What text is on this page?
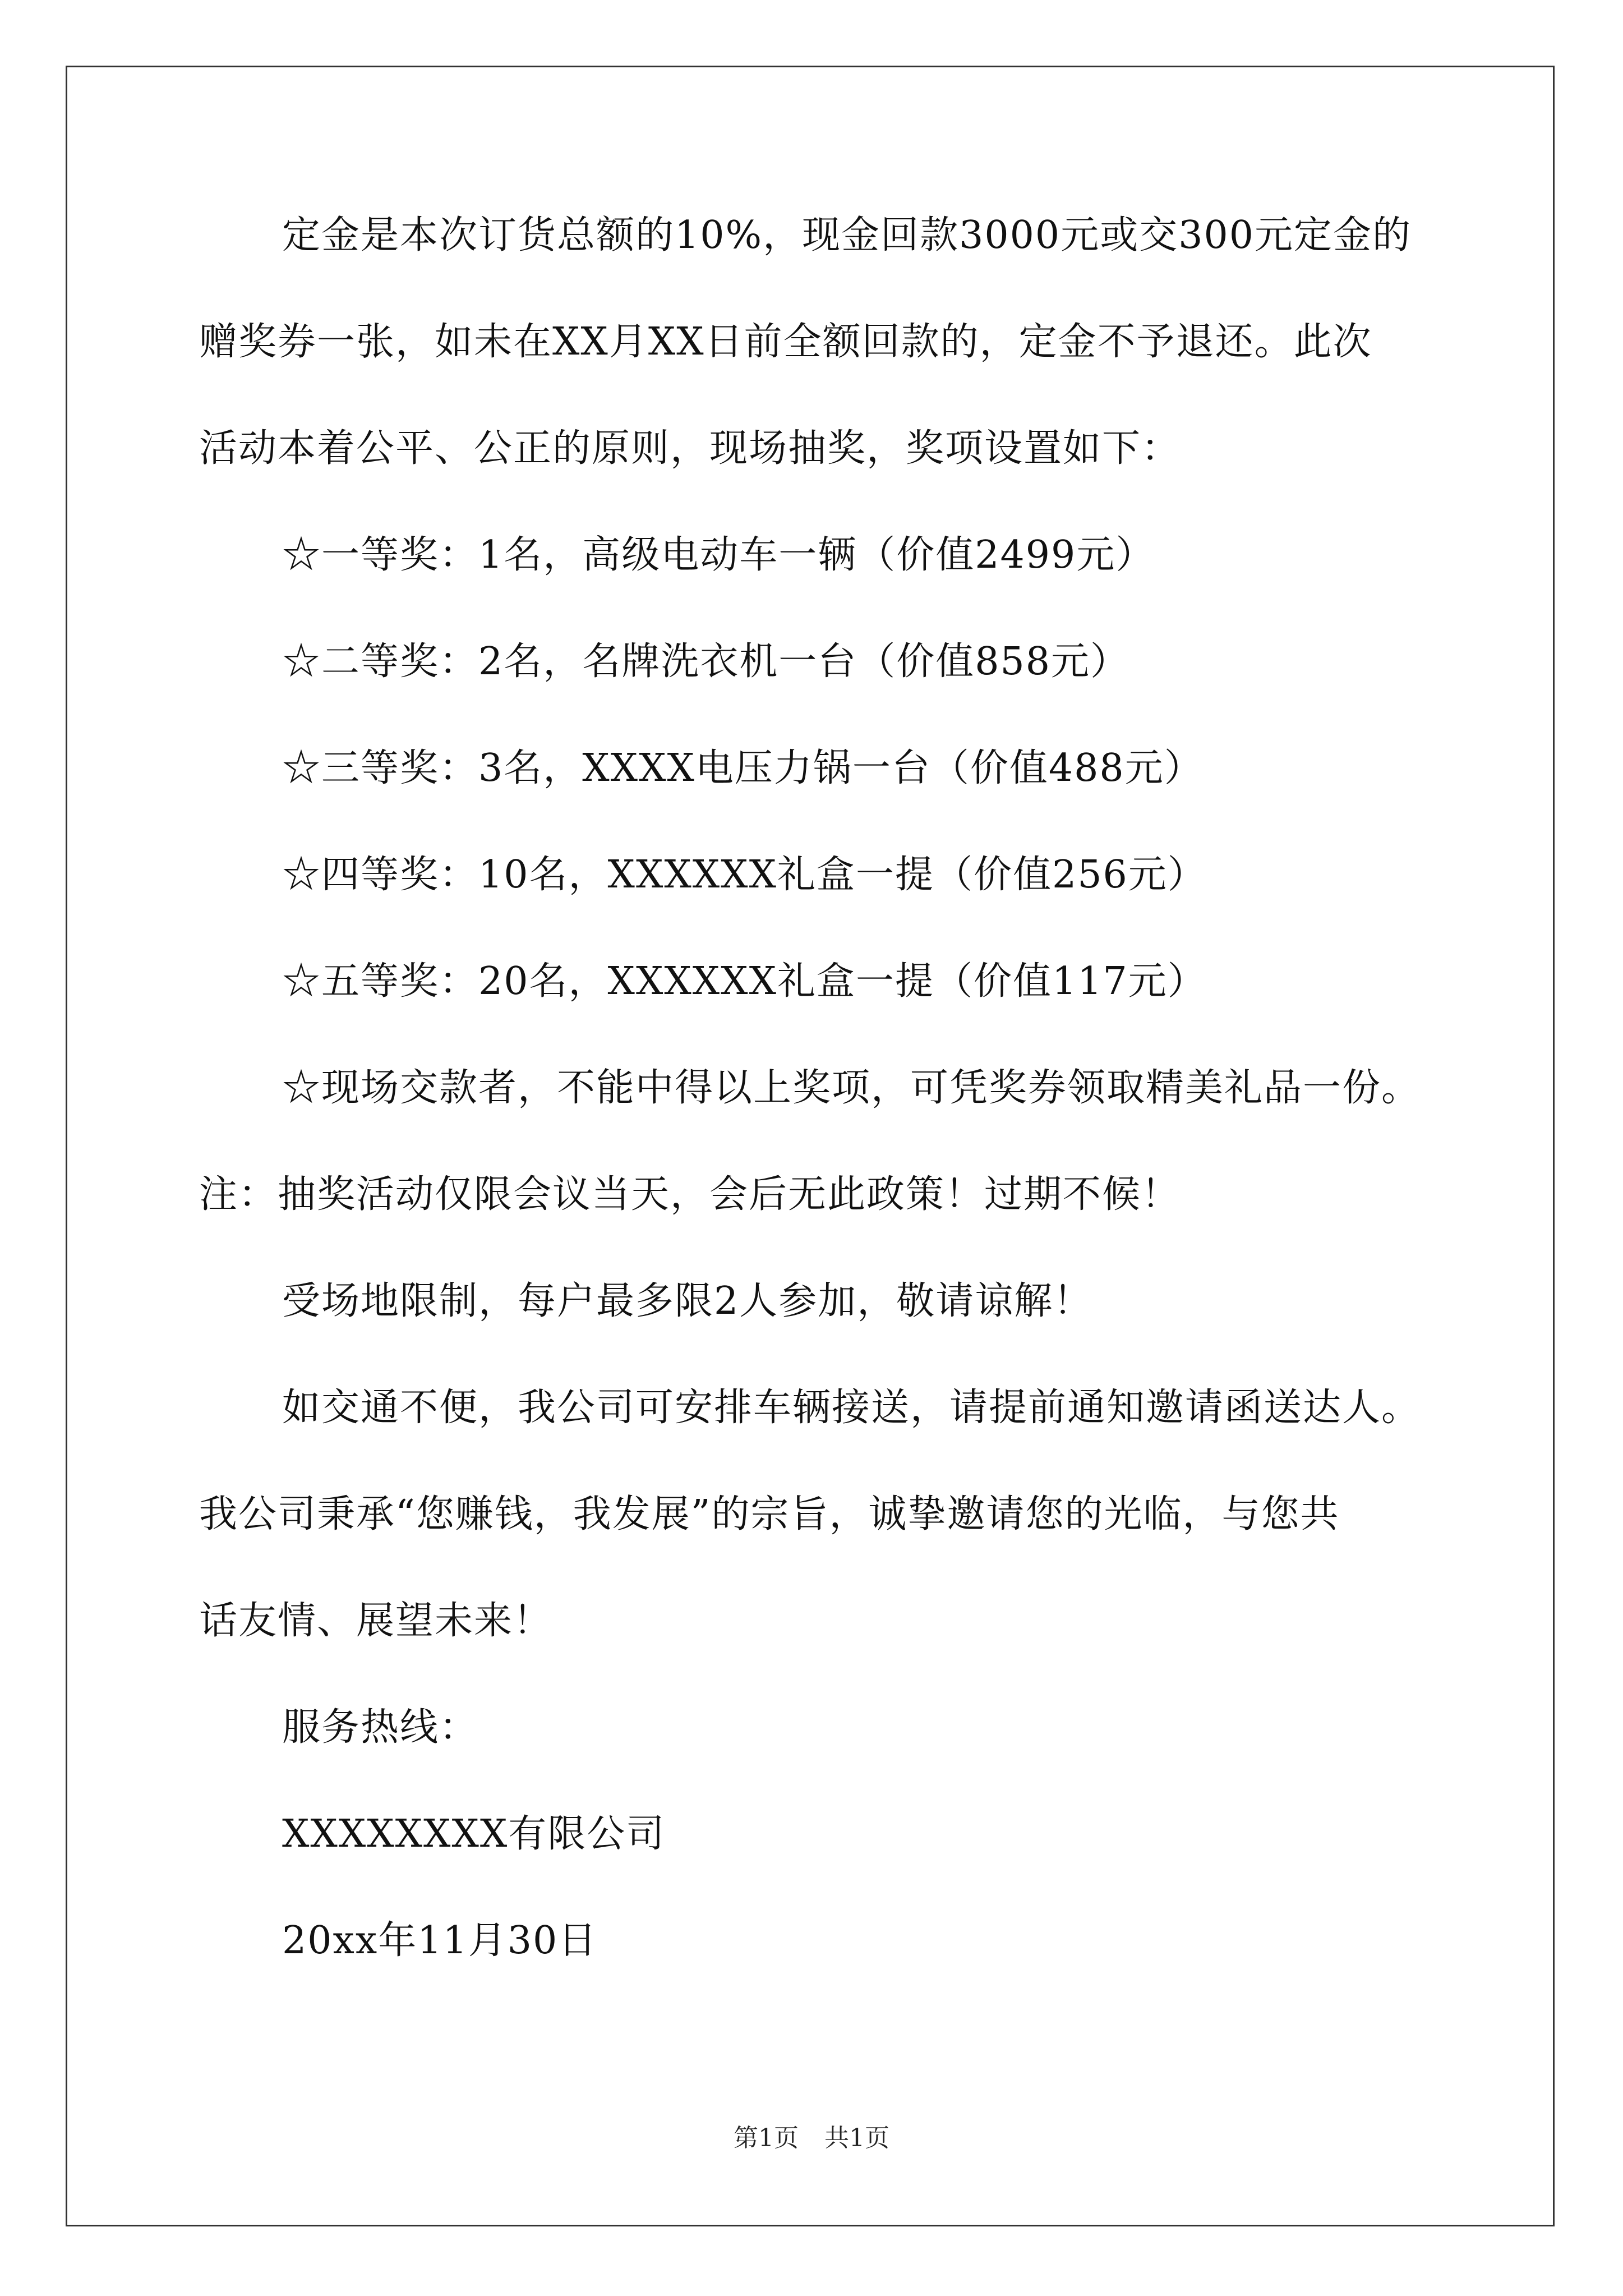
定金是本次订货总额的10%，现金回款3000元或交300元定金的
赠奖券一张，如未在XX月XX日前全额回款的，定金不予退还。此次
活动本着公平、公正的原则，现场抽奖，奖项设置如下：
☆一等奖：1名，高级电动车一辆（价值2499元）
☆二等奖：2名，名牌洗衣机一台（价值858元）
☆三等奖：3名，XXXX电压力锅一台（价值488元）
☆四等奖：10名，XXXXXX礼盒一提（价值256元）
☆五等奖：20名，XXXXXX礼盒一提（价值117元）
☆现场交款者，不能中得以上奖项，可凭奖券领取精美礼品一份。
注：抽奖活动仅限会议当天，会后无此政策！过期不候！
受场地限制，每户最多限2人参加，敬请谅解！
如交通不便，我公司可安排车辆接送，请提前通知邀请函送达人。
我公司秉承“您赚钱，我发展”的宗旨，诚挚邀请您的光临，与您共
话友情、展望未来！
服务热线：
XXXXXXXX有限公司
20xx年11月30日
第1页 共1页
